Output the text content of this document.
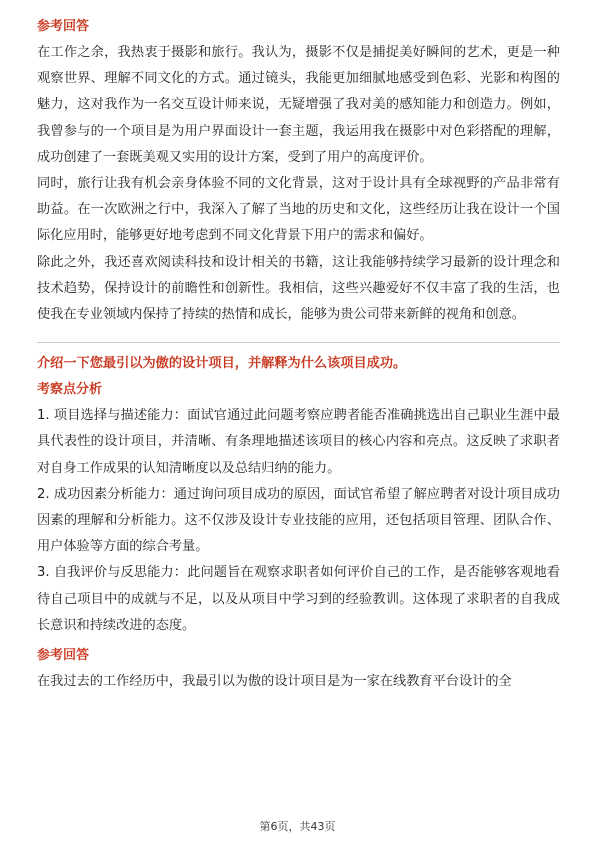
参考回答

在工作之余，我热衷于摄影和旅行。我认为，摄影不仅是捕捉美好瞬间的艺术，更是一种观察世界、理解不同文化的方式。通过镜头，我能更加细腻地感受到色彩、光影和构图的魅力，这对我作为一名交互设计师来说，无疑增强了我对美的感知能力和创造力。例如，我曾参与的一个项目是为用户界面设计一套主题，我运用我在摄影中对色彩搭配的理解，成功创建了一套既美观又实用的设计方案，受到了用户的高度评价。

同时，旅行让我有机会亲身体验不同的文化背景，这对于设计具有全球视野的产品非常有助益。在一次欧洲之行中，我深入了解了当地的历史和文化，这些经历让我在设计一个国际化应用时，能够更好地考虑到不同文化背景下用户的需求和偏好。

除此之外，我还喜欢阅读科技和设计相关的书籍，这让我能够持续学习最新的设计理念和技术趋势，保持设计的前瞻性和创新性。我相信，这些兴趣爱好不仅丰富了我的生活，也使我在专业领域内保持了持续的热情和成长，能够为贵公司带来新鲜的视角和创意。

介绍一下您最引以为傲的设计项目，并解释为什么该项目成功。

考察点分析

1. 项目选择与描述能力：面试官通过此问题考察应聘者能否准确挑选出自己职业生涯中最具代表性的设计项目，并清晰、有条理地描述该项目的核心内容和亮点。这反映了求职者对自身工作成果的认知清晰度以及总结归纳的能力。

2. 成功因素分析能力：通过询问项目成功的原因，面试官希望了解应聘者对设计项目成功因素的理解和分析能力。这不仅涉及设计专业技能的应用，还包括项目管理、团队合作、用户体验等方面的综合考量。

3. 自我评价与反思能力：此问题旨在观察求职者如何评价自己的工作，是否能够客观地看待自己项目中的成就与不足，以及从项目中学习到的经验教训。这体现了求职者的自我成长意识和持续改进的态度。

参考回答

在我过去的工作经历中，我最引以为傲的设计项目是为一家在线教育平台设计的全

第6页，共43页
